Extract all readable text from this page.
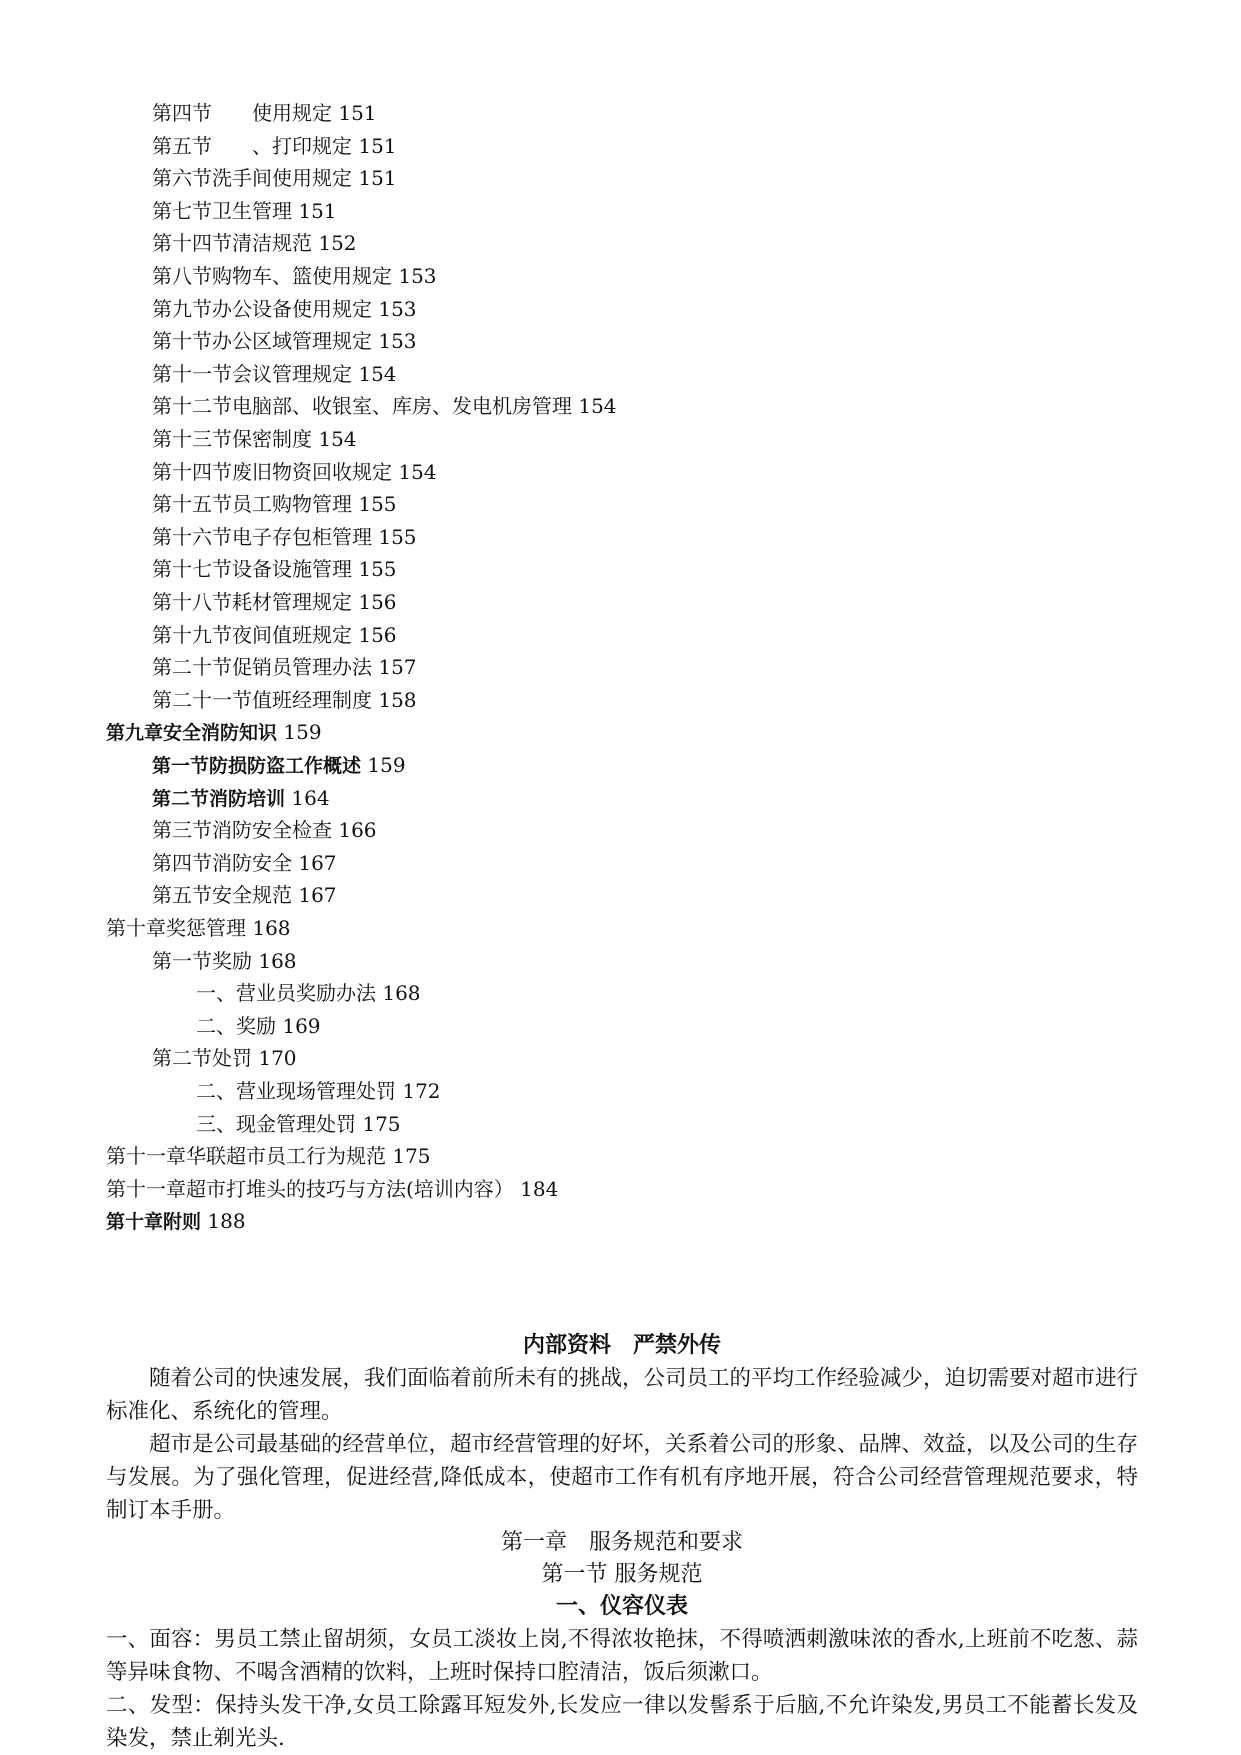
第四节　　使用规定 151
第五节　　、打印规定 151
第六节洗手间使用规定 151
第七节卫生管理 151
第十四节清洁规范 152
第八节购物车、篮使用规定 153
第九节办公设备使用规定 153
第十节办公区域管理规定 153
第十一节会议管理规定 154
第十二节电脑部、收银室、库房、发电机房管理 154
第十三节保密制度 154
第十四节废旧物资回收规定 154
第十五节员工购物管理 155
第十六节电子存包柜管理 155
第十七节设备设施管理 155
第十八节耗材管理规定 156
第十九节夜间值班规定 156
第二十节促销员管理办法 157
第二十一节值班经理制度 158
第九章安全消防知识 159
第一节防损防盗工作概述 159
第二节消防培训 164
第三节消防安全检查 166
第四节消防安全 167
第五节安全规范 167
第十章奖惩管理 168
第一节奖励 168
一、营业员奖励办法 168
二、奖励 169
第二节处罚 170
二、营业现场管理处罚 172
三、现金管理处罚 175
第十一章华联超市员工行为规范 175
第十一章超市打堆头的技巧与方法(培训内容） 184
第十章附则 188
内部资料　严禁外传

随着公司的快速发展，我们面临着前所未有的挑战，公司员工的平均工作经验减少，迫切需要对超市进行标准化、系统化的管理。

超市是公司最基础的经营单位，超市经营管理的好坏，关系着公司的形象、品牌、效益，以及公司的生存与发展。为了强化管理，促进经营,降低成本，使超市工作有机有序地开展，符合公司经营管理规范要求，特制订本手册。

第一章　服务规范和要求
第一节 服务规范
一、仪容仪表

一、面容：男员工禁止留胡须，女员工淡妆上岗,不得浓妆艳抹，不得喷洒刺激味浓的香水,上班前不吃葱、蒜等异味食物、不喝含酒精的饮料，上班时保持口腔清洁，饭后须漱口。

二、发型：保持头发干净,女员工除露耳短发外,长发应一律以发髻系于后脑,不允许染发,男员工不能蓄长发及染发，禁止剃光头.
